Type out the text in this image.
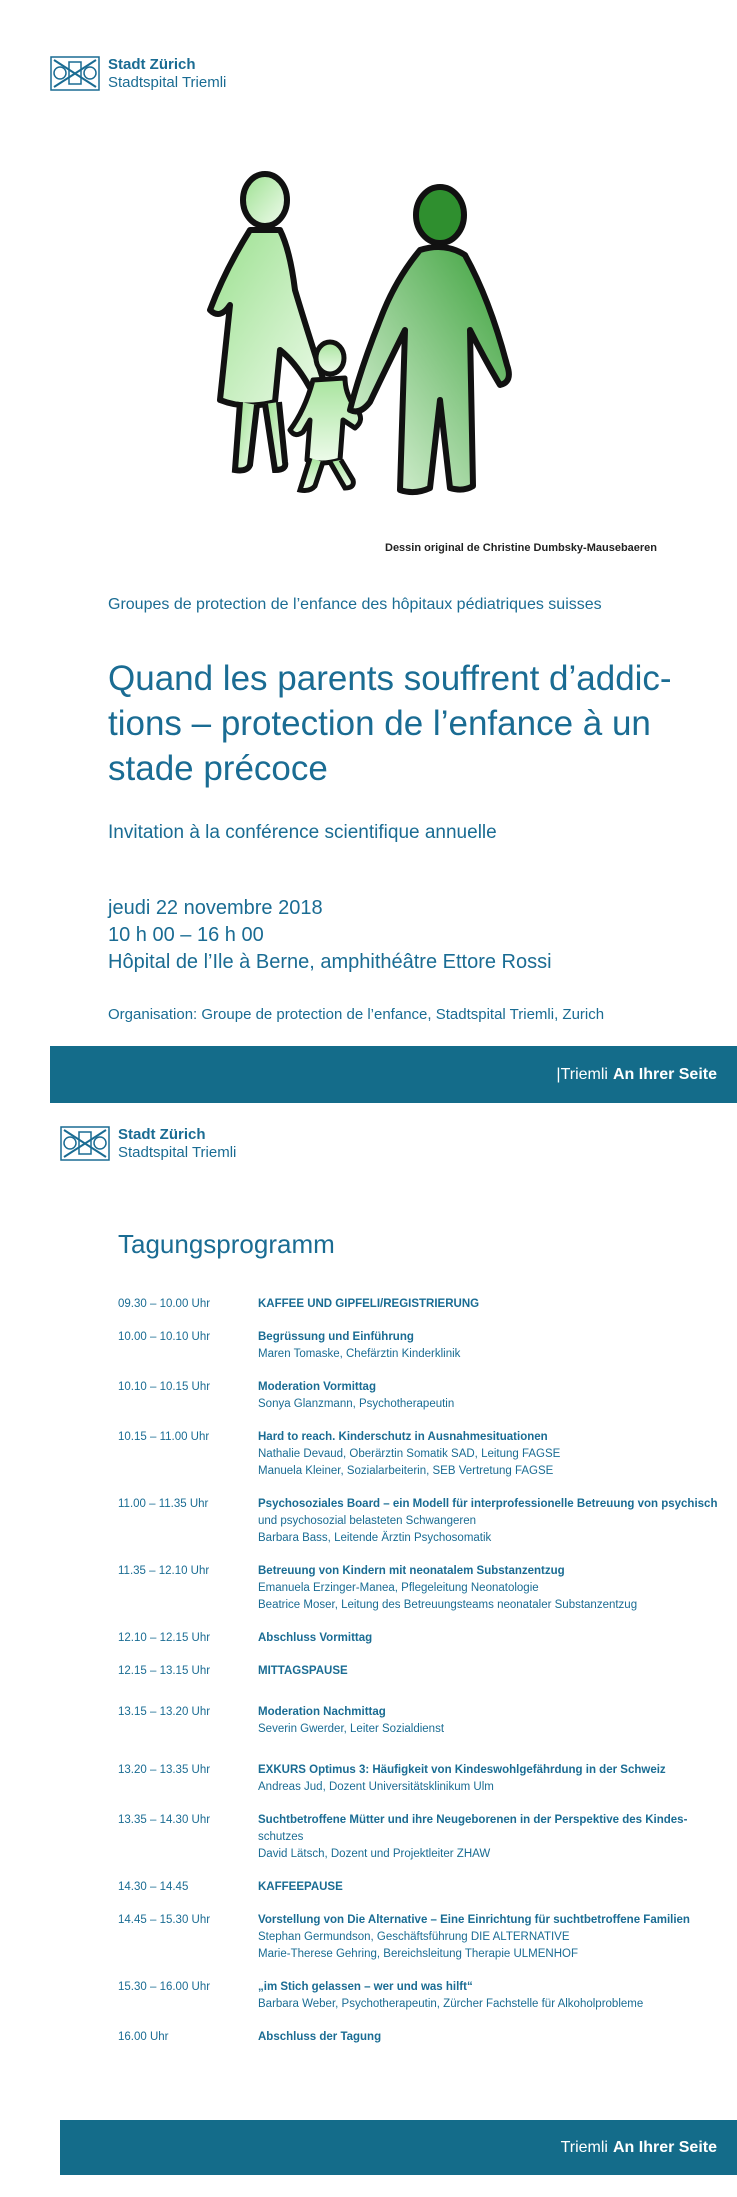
Stadt Zürich
Stadtspital Triemli
Dessin original de Christine Dumbsky-Mausebaeren
Groupes de protection de l’enfance des hôpitaux pédiatriques suisses
Quand les parents souffrent d’addic-
tions – protection de l’enfance à un
stade précoce
Invitation à la conférence scientifique annuelle
jeudi 22 novembre 2018
10 h 00 – 16 h 00
Hôpital de l’Ile à Berne, amphithéâtre Ettore Rossi
Organisation: Groupe de protection de l’enfance, Stadtspital Triemli, Zurich
|Triemli An Ihrer Seite
Stadt Zürich
Stadtspital Triemli
Tagungsprogramm
09.30 – 10.00 Uhr	KAFFEE UND GIPFELI/REGISTRIERUNG
10.00 – 10.10 Uhr	Begrüssung und Einführung
Maren Tomaske, Chefärztin Kinderklinik
10.10 – 10.15 Uhr	Moderation Vormittag
Sonya Glanzmann, Psychotherapeutin
10.15 – 11.00 Uhr	Hard to reach. Kinderschutz in Ausnahmesituationen
Nathalie Devaud, Oberärztin Somatik SAD, Leitung FAGSE
Manuela Kleiner, Sozialarbeiterin, SEB Vertretung FAGSE
11.00 – 11.35 Uhr	Psychosoziales Board – ein Modell für interprofessionelle Betreuung von psychisch
und psychosozial belasteten Schwangeren
Barbara Bass, Leitende Ärztin Psychosomatik
11.35 – 12.10 Uhr	Betreuung von Kindern mit neonatalem Substanzentzug
Emanuela Erzinger-Manea, Pflegeleitung Neonatologie
Beatrice Moser, Leitung des Betreuungsteams neonataler Substanzentzug
12.10 – 12.15 Uhr	Abschluss Vormittag
12.15 – 13.15 Uhr	MITTAGSPAUSE
13.15 – 13.20 Uhr	Moderation Nachmittag
Severin Gwerder, Leiter Sozialdienst
13.20 – 13.35 Uhr	EXKURS Optimus 3: Häufigkeit von Kindeswohlgefährdung in der Schweiz
Andreas Jud, Dozent Universitätsklinikum Ulm
13.35 – 14.30 Uhr	Suchtbetroffene Mütter und ihre Neugeborenen in der Perspektive des Kindes-
schutzes
David Lätsch, Dozent und Projektleiter ZHAW
14.30 – 14.45	KAFFEEPAUSE
14.45 – 15.30 Uhr	Vorstellung von Die Alternative – Eine Einrichtung für suchtbetroffene Familien
Stephan Germundson, Geschäftsführung DIE ALTERNATIVE
Marie-Therese Gehring, Bereichsleitung Therapie ULMENHOF
15.30 – 16.00 Uhr	„im Stich gelassen – wer und was hilft“
Barbara Weber, Psychotherapeutin, Zürcher Fachstelle für Alkoholprobleme
16.00 Uhr	Abschluss der Tagung
Triemli An Ihrer Seite
